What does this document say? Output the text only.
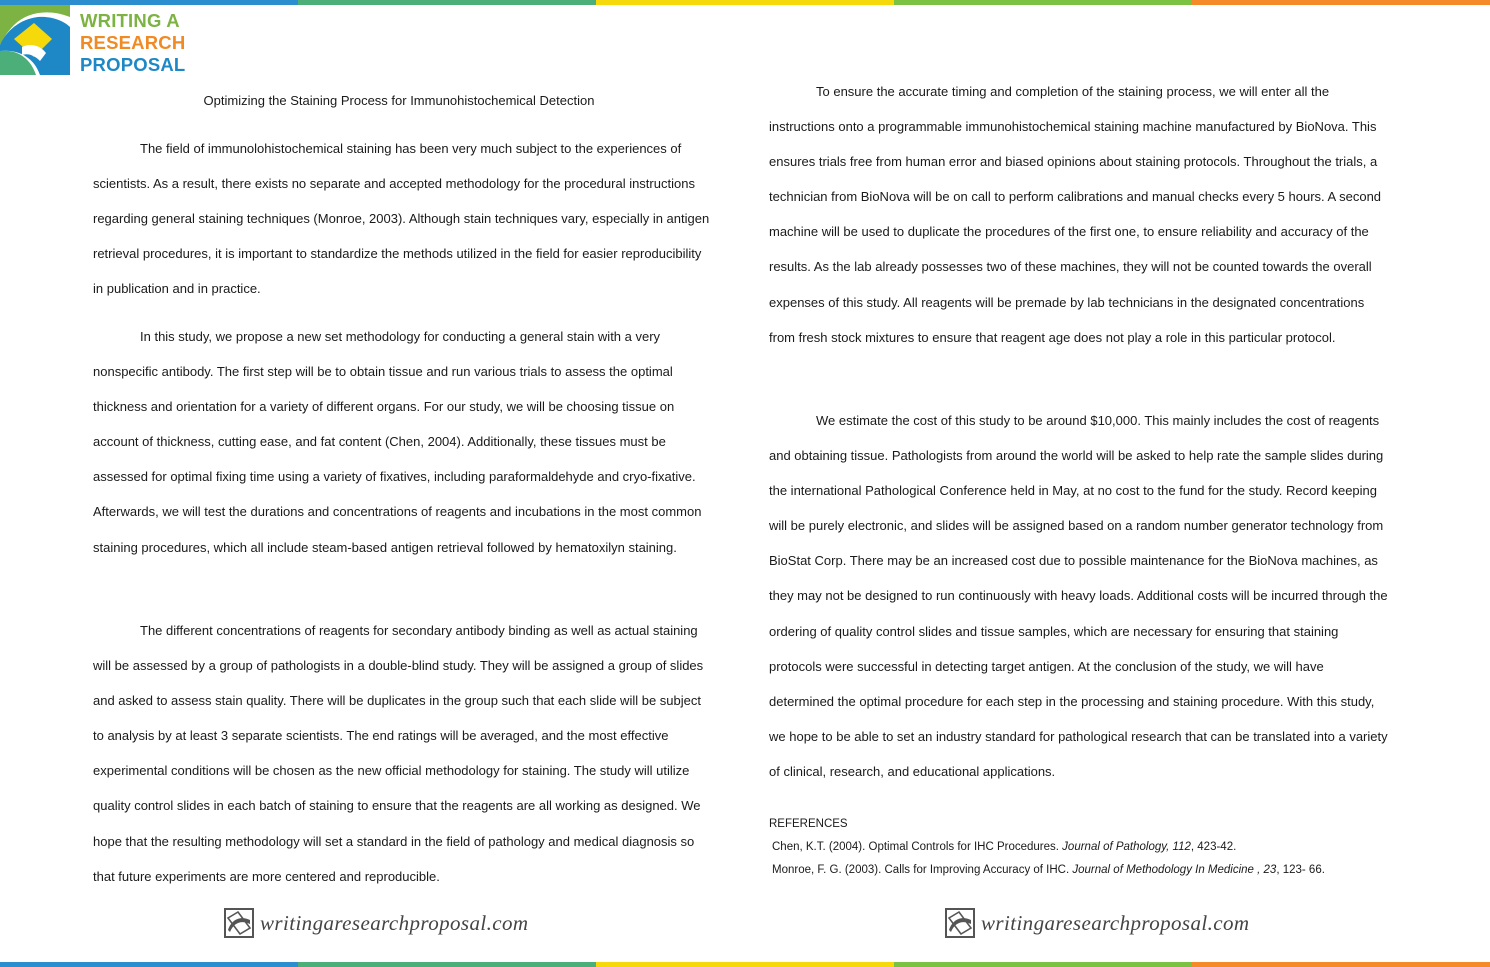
WRITING A
RESEARCH
PROPOSAL
Optimizing the Staining Process for Immunohistochemical Detection

The field of immunolohistochemical staining has been very much subject to the experiences of scientists. As a result, there exists no separate and accepted methodology for the procedural instructions regarding general staining techniques (Monroe, 2003). Although stain techniques vary, especially in antigen retrieval procedures, it is important to standardize the methods utilized in the field for easier reproducibility in publication and in practice.

In this study, we propose a new set methodology for conducting a general stain with a very nonspecific antibody. The first step will be to obtain tissue and run various trials to assess the optimal thickness and orientation for a variety of different organs. For our study, we will be choosing tissue on account of thickness, cutting ease, and fat content (Chen, 2004). Additionally, these tissues must be assessed for optimal fixing time using a variety of fixatives, including paraformaldehyde and cryo-fixative. Afterwards, we will test the durations and concentrations of reagents and incubations in the most common staining procedures, which all include steam-based antigen retrieval followed by hematoxilyn staining.

The different concentrations of reagents for secondary antibody binding as well as actual staining will be assessed by a group of pathologists in a double-blind study. They will be assigned a group of slides and asked to assess stain quality. There will be duplicates in the group such that each slide will be subject to analysis by at least 3 separate scientists. The end ratings will be averaged, and the most effective experimental conditions will be chosen as the new official methodology for staining. The study will utilize quality control slides in each batch of staining to ensure that the reagents are all working as designed. We hope that the resulting methodology will set a standard in the field of pathology and medical diagnosis so that future experiments are more centered and reproducible.

To ensure the accurate timing and completion of the staining process, we will enter all the instructions onto a programmable immunohistochemical staining machine manufactured by BioNova. This ensures trials free from human error and biased opinions about staining protocols. Throughout the trials, a technician from BioNova will be on call to perform calibrations and manual checks every 5 hours. A second machine will be used to duplicate the procedures of the first one, to ensure reliability and accuracy of the results. As the lab already possesses two of these machines, they will not be counted towards the overall expenses of this study. All reagents will be premade by lab technicians in the designated concentrations from fresh stock mixtures to ensure that reagent age does not play a role in this particular protocol.

We estimate the cost of this study to be around $10,000. This mainly includes the cost of reagents and obtaining tissue. Pathologists from around the world will be asked to help rate the sample slides during the international Pathological Conference held in May, at no cost to the fund for the study. Record keeping will be purely electronic, and slides will be assigned based on a random number generator technology from BioStat Corp. There may be an increased cost due to possible maintenance for the BioNova machines, as they may not be designed to run continuously with heavy loads. Additional costs will be incurred through the ordering of quality control slides and tissue samples, which are necessary for ensuring that staining protocols were successful in detecting target antigen. At the conclusion of the study, we will have determined the optimal procedure for each step in the processing and staining procedure. With this study, we hope to be able to set an industry standard for pathological research that can be translated into a variety of clinical, research, and educational applications.

REFERENCES
Chen, K.T. (2004). Optimal Controls for IHC Procedures. Journal of Pathology, 112, 423-42.
Monroe, F. G. (2003). Calls for Improving Accuracy of IHC. Journal of Methodology In Medicine , 23, 123- 66.
writingaresearchproposal.com	writingaresearchproposal.com
